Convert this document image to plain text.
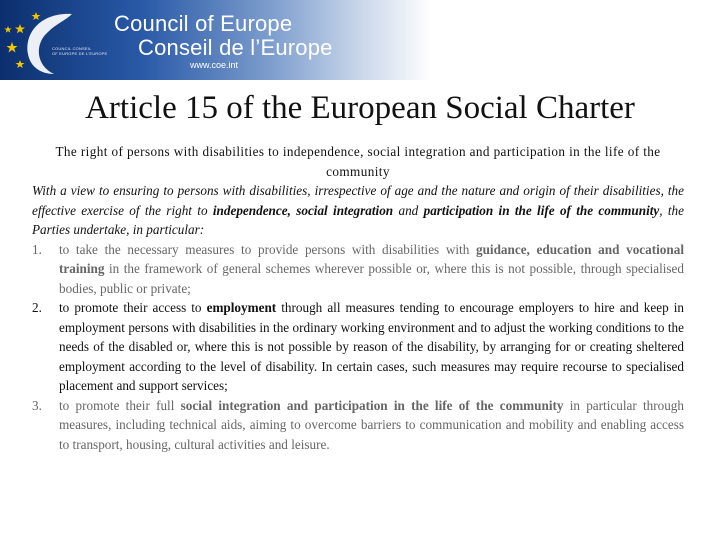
COUNCIL CONSEIL
OF EUROPE DE L'EUROPE
Council of Europe
Conseil de l’Europe
www.coe.int
Article 15 of the European Social Charter

The right of persons with disabilities to independence, social integration and participation in the life of the community

With a view to ensuring to persons with disabilities, irrespective of age and the nature and origin of their disabilities, the effective exercise of the right to independence, social integration and participation in the life of the community, the Parties undertake, in particular:

1. to take the necessary measures to provide persons with disabilities with guidance, education and vocational training in the framework of general schemes wherever possible or, where this is not possible, through specialised bodies, public or private;
2. to promote their access to employment through all measures tending to encourage employers to hire and keep in employment persons with disabilities in the ordinary working environment and to adjust the working conditions to the needs of the disabled or, where this is not possible by reason of the disability, by arranging for or creating sheltered employment according to the level of disability. In certain cases, such measures may require recourse to specialised placement and support services;
3. to promote their full social integration and participation in the life of the community in particular through measures, including technical aids, aiming to overcome barriers to communication and mobility and enabling access to transport, housing, cultural activities and leisure.
